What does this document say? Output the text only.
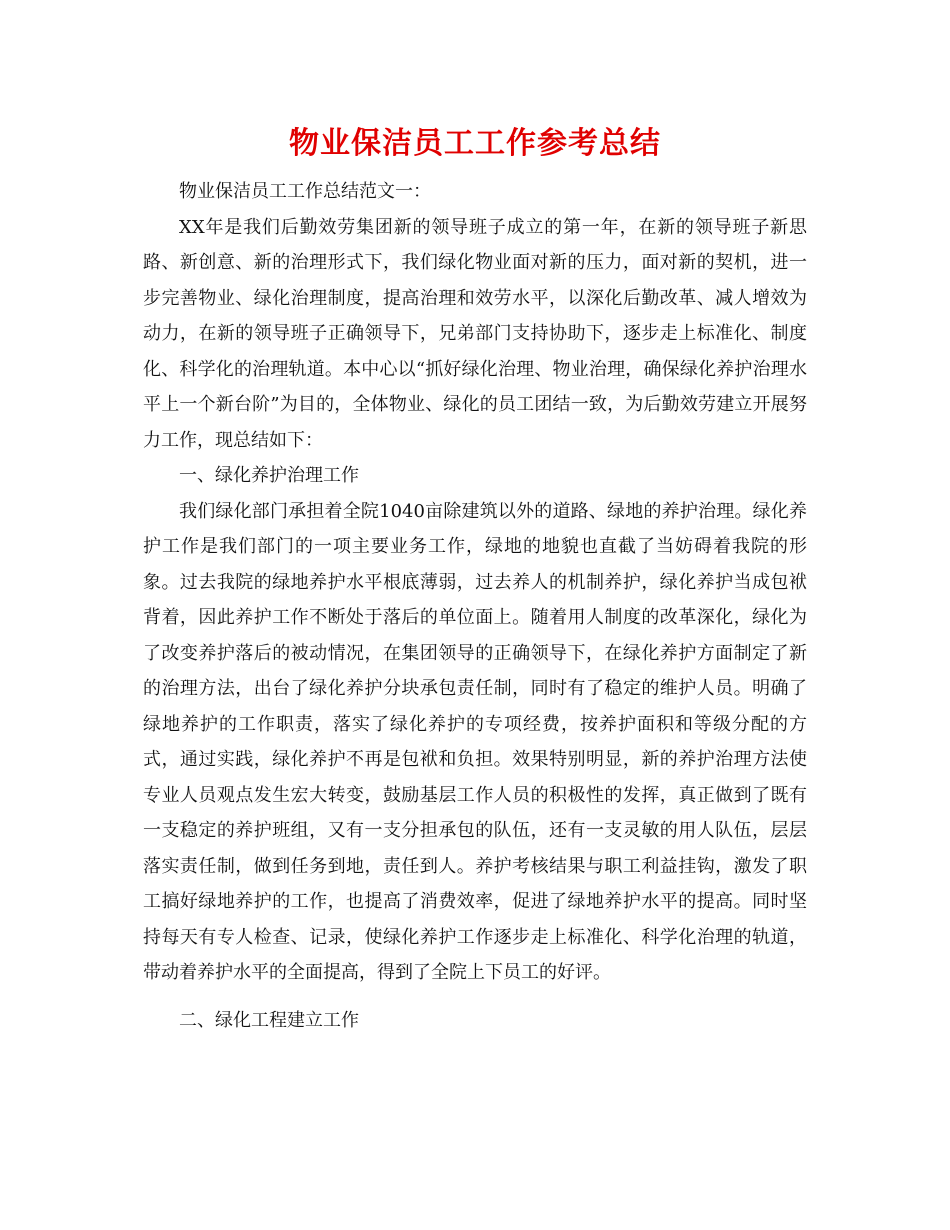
物业保洁员工工作参考总结

物业保洁员工工作总结范文一：

XX年是我们后勤效劳集团新的领导班子成立的第一年，在新的领导班子新思路、新创意、新的治理形式下，我们绿化物业面对新的压力，面对新的契机，进一步完善物业、绿化治理制度，提高治理和效劳水平，以深化后勤改革、减人增效为动力，在新的领导班子正确领导下，兄弟部门支持协助下，逐步走上标准化、制度化、科学化的治理轨道。本中心以“抓好绿化治理、物业治理，确保绿化养护治理水平上一个新台阶”为目的，全体物业、绿化的员工团结一致，为后勤效劳建立开展努力工作，现总结如下：

一、绿化养护治理工作

我们绿化部门承担着全院1040亩除建筑以外的道路、绿地的养护治理。绿化养护工作是我们部门的一项主要业务工作，绿地的地貌也直截了当妨碍着我院的形象。过去我院的绿地养护水平根底薄弱，过去养人的机制养护，绿化养护当成包袱背着，因此养护工作不断处于落后的单位面上。随着用人制度的改革深化，绿化为了改变养护落后的被动情况，在集团领导的正确领导下，在绿化养护方面制定了新的治理方法，出台了绿化养护分块承包责任制，同时有了稳定的维护人员。明确了绿地养护的工作职责，落实了绿化养护的专项经费，按养护面积和等级分配的方式，通过实践，绿化养护不再是包袱和负担。效果特别明显，新的养护治理方法使专业人员观点发生宏大转变，鼓励基层工作人员的积极性的发挥，真正做到了既有一支稳定的养护班组，又有一支分担承包的队伍，还有一支灵敏的用人队伍，层层落实责任制，做到任务到地，责任到人。养护考核结果与职工利益挂钩，激发了职工搞好绿地养护的工作，也提高了消费效率，促进了绿地养护水平的提高。同时坚持每天有专人检查、记录，使绿化养护工作逐步走上标准化、科学化治理的轨道，带动着养护水平的全面提高，得到了全院上下员工的好评。

二、绿化工程建立工作
